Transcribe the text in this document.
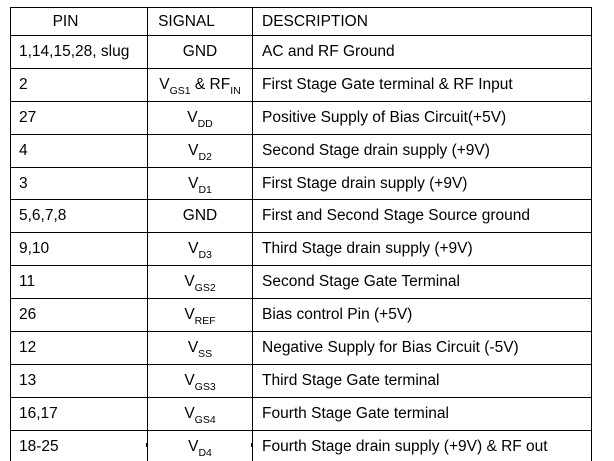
PIN	SIGNAL	DESCRIPTION
1,14,15,28, slug	GND	AC and RF Ground
2	$V_{GS1}$ & $RF_{IN}$	First Stage Gate terminal & RF Input
27	$V_{DD}$	Positive Supply of Bias Circuit(+5V)
4	$V_{D2}$	Second Stage drain supply (+9V)
3	$V_{D1}$	First Stage drain supply (+9V)
5,6,7,8	GND	First and Second Stage Source ground
9,10	$V_{D3}$	Third Stage drain supply (+9V)
11	$V_{GS2}$	Second Stage Gate Terminal
26	$V_{REF}$	Bias control Pin (+5V)
12	$V_{SS}$	Negative Supply for Bias Circuit (-5V)
13	$V_{GS3}$	Third Stage Gate terminal
16,17	$V_{GS4}$	Fourth Stage Gate terminal
18-25	$V_{D4}$	Fourth Stage drain supply (+9V) & RF out
